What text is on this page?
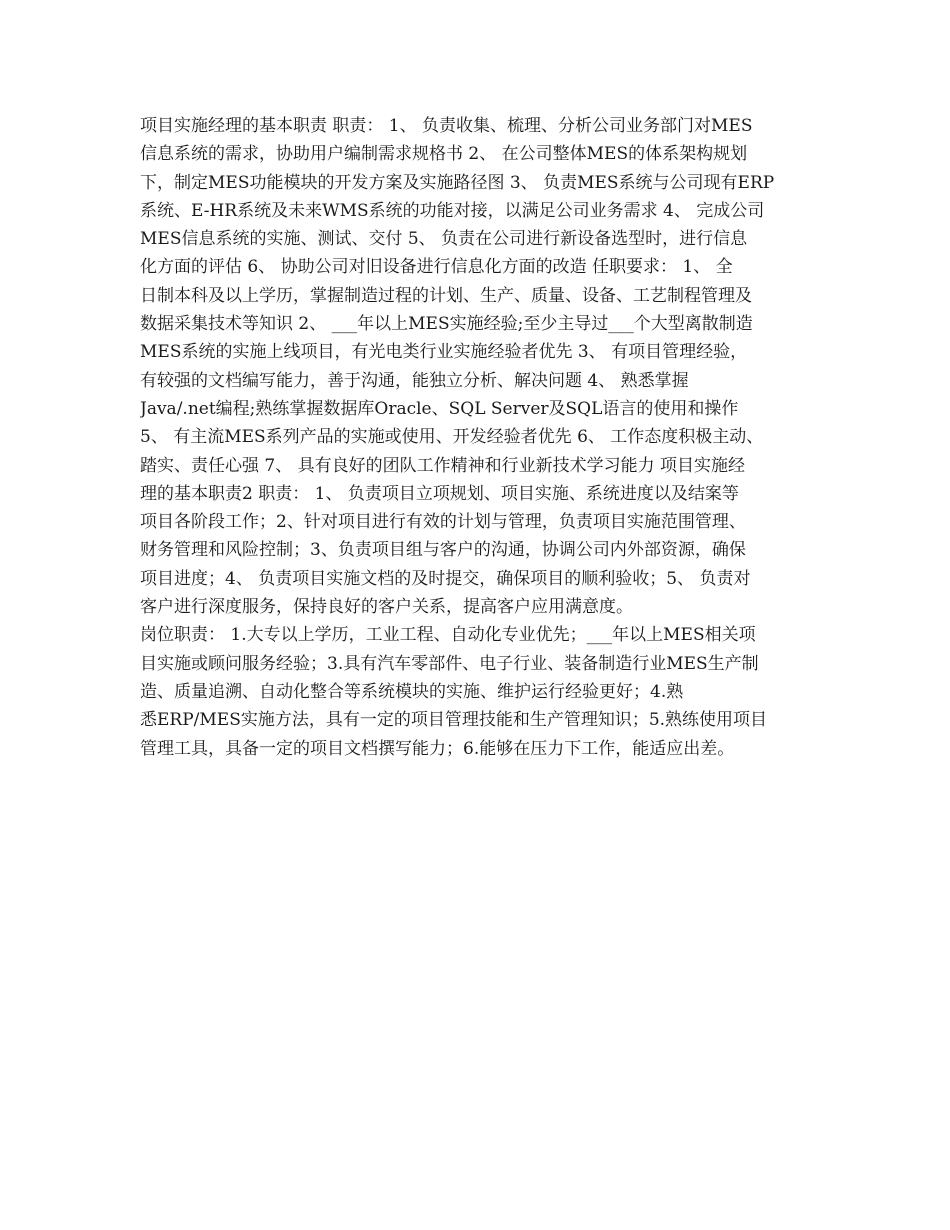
项目实施经理的基本职责 职责： 1、 负责收集、梳理、分析公司业务部门对MES
信息系统的需求，协助用户编制需求规格书 2、 在公司整体MES的体系架构规划
下，制定MES功能模块的开发方案及实施路径图 3、 负责MES系统与公司现有ERP
系统、E-HR系统及未来WMS系统的功能对接，以满足公司业务需求 4、 完成公司
MES信息系统的实施、测试、交付 5、 负责在公司进行新设备选型时，进行信息
化方面的评估 6、 协助公司对旧设备进行信息化方面的改造 任职要求： 1、 全
日制本科及以上学历，掌握制造过程的计划、生产、质量、设备、工艺制程管理及
数据采集技术等知识 2、 ___年以上MES实施经验;至少主导过___个大型离散制造
MES系统的实施上线项目，有光电类行业实施经验者优先 3、 有项目管理经验，
有较强的文档编写能力，善于沟通，能独立分析、解决问题 4、 熟悉掌握
Java/.net编程;熟练掌握数据库Oracle、SQL Server及SQL语言的使用和操作
5、 有主流MES系列产品的实施或使用、开发经验者优先 6、 工作态度积极主动、
踏实、责任心强 7、 具有良好的团队工作精神和行业新技术学习能力 项目实施经
理的基本职责2 职责： 1、 负责项目立项规划、项目实施、系统进度以及结案等
项目各阶段工作；2、针对项目进行有效的计划与管理，负责项目实施范围管理、
财务管理和风险控制；3、负责项目组与客户的沟通，协调公司内外部资源，确保
项目进度；4、 负责项目实施文档的及时提交，确保项目的顺利验收；5、 负责对
客户进行深度服务，保持良好的客户关系，提高客户应用满意度。
岗位职责： 1.大专以上学历，工业工程、自动化专业优先；___年以上MES相关项
目实施或顾问服务经验；3.具有汽车零部件、电子行业、装备制造行业MES生产制
造、质量追溯、自动化整合等系统模块的实施、维护运行经验更好；4.熟
悉ERP/MES实施方法，具有一定的项目管理技能和生产管理知识；5.熟练使用项目
管理工具，具备一定的项目文档撰写能力；6.能够在压力下工作，能适应出差。
